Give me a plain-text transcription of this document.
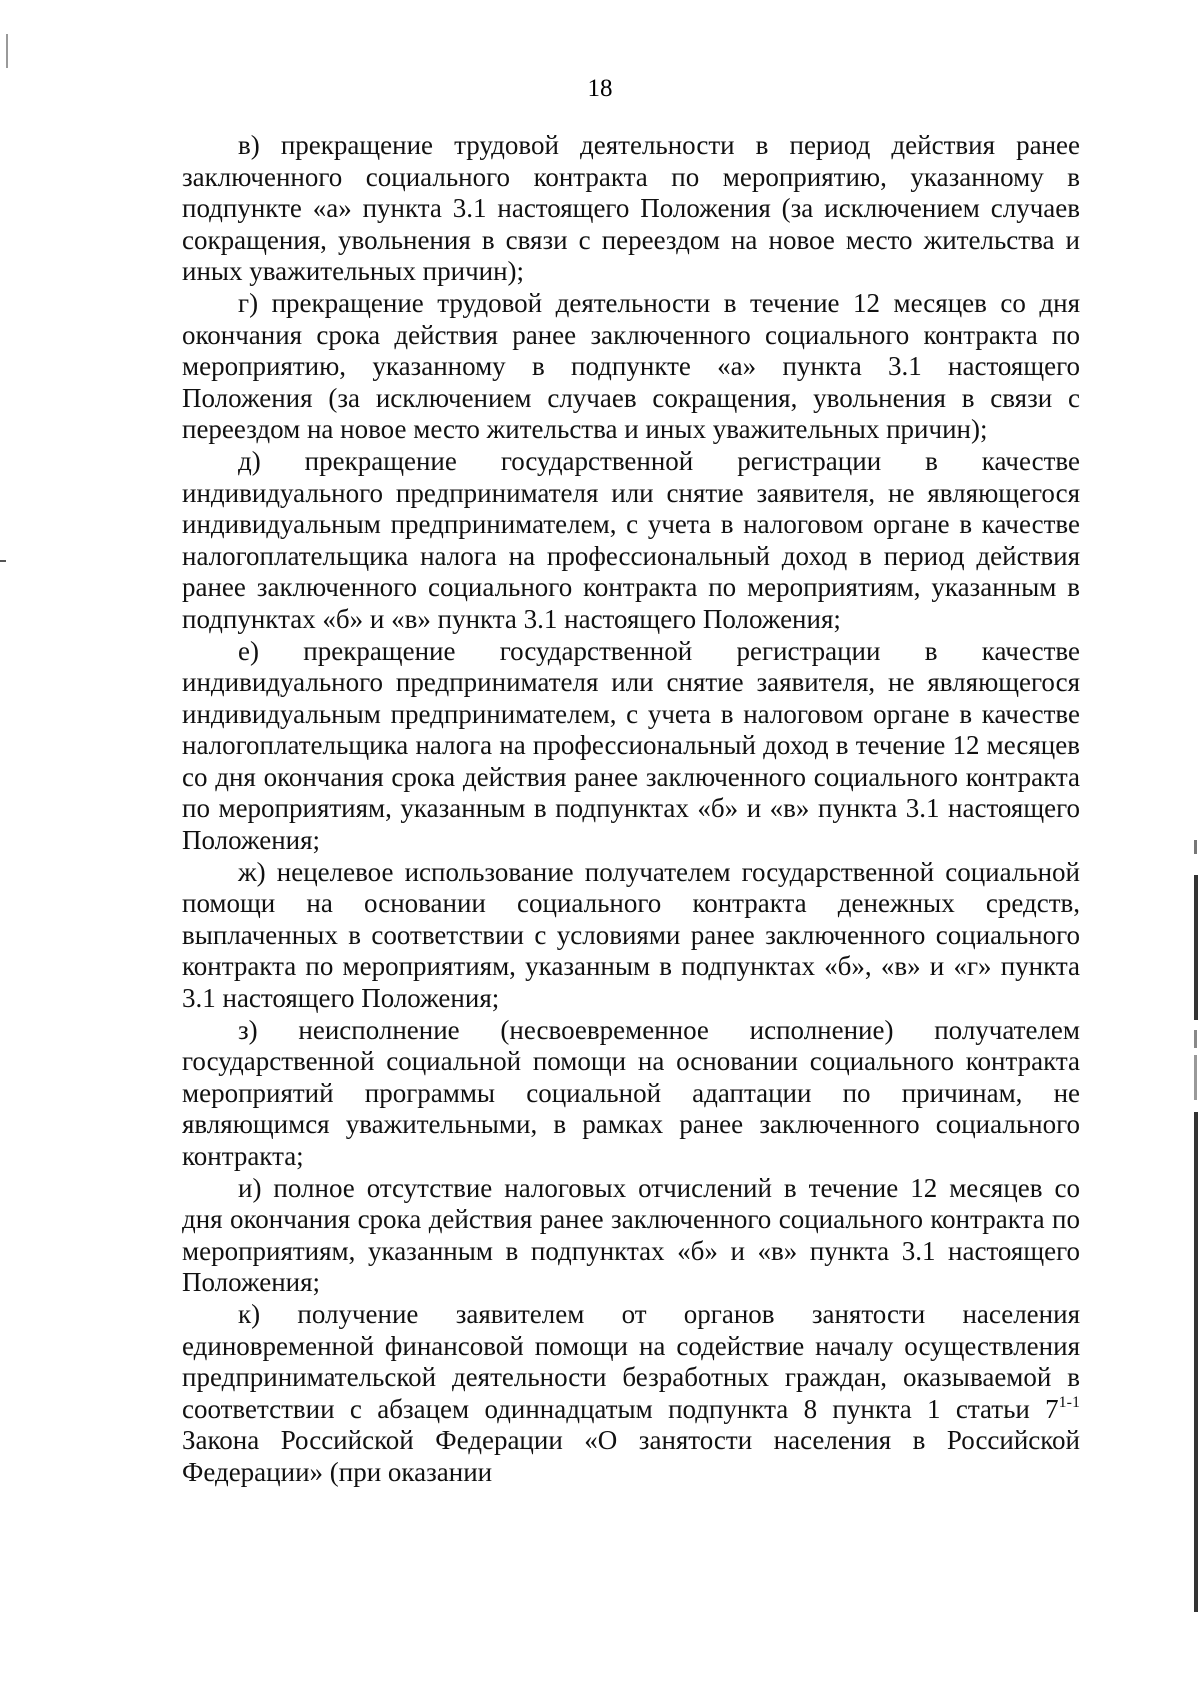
18

в) прекращение трудовой деятельности в период действия ранее заключенного социального контракта по мероприятию, указанному в подпункте «а» пункта 3.1 настоящего Положения (за исключением случаев сокращения, увольнения в связи с переездом на новое место жительства и иных уважительных причин);

г) прекращение трудовой деятельности в течение 12 месяцев со дня окончания срока действия ранее заключенного социального контракта по мероприятию, указанному в подпункте «а» пункта 3.1 настоящего Положения (за исключением случаев сокращения, увольнения в связи с переездом на новое место жительства и иных уважительных причин);

д) прекращение государственной регистрации в качестве индивидуального предпринимателя или снятие заявителя, не являющегося индивидуальным предпринимателем, с учета в налоговом органе в качестве налогоплательщика налога на профессиональный доход в период действия ранее заключенного социального контракта по мероприятиям, указанным в подпунктах «б» и «в» пункта 3.1 настоящего Положения;

е) прекращение государственной регистрации в качестве индивидуального предпринимателя или снятие заявителя, не являющегося индивидуальным предпринимателем, с учета в налоговом органе в качестве налогоплательщика налога на профессиональный доход в течение 12 месяцев со дня окончания срока действия ранее заключенного социального контракта по мероприятиям, указанным в подпунктах «б» и «в» пункта 3.1 настоящего Положения;

ж) нецелевое использование получателем государственной социальной помощи на основании социального контракта денежных средств, выплаченных в соответствии с условиями ранее заключенного социального контракта по мероприятиям, указанным в подпунктах «б», «в» и «г» пункта 3.1 настоящего Положения;

з) неисполнение (несвоевременное исполнение) получателем государственной социальной помощи на основании социального контракта мероприятий программы социальной адаптации по причинам, не являющимся уважительными, в рамках ранее заключенного социального контракта;

и) полное отсутствие налоговых отчислений в течение 12 месяцев со дня окончания срока действия ранее заключенного социального контракта по мероприятиям, указанным в подпунктах «б» и «в» пункта 3.1 настоящего Положения;

к) получение заявителем от органов занятости населения единовременной финансовой помощи на содействие началу осуществления предпринимательской деятельности безработных граждан, оказываемой в соответствии с абзацем одиннадцатым подпункта 8 пункта 1 статьи 7$^{1-1}$ Закона Российской Федерации «О занятости населения в Российской Федерации» (при оказании
